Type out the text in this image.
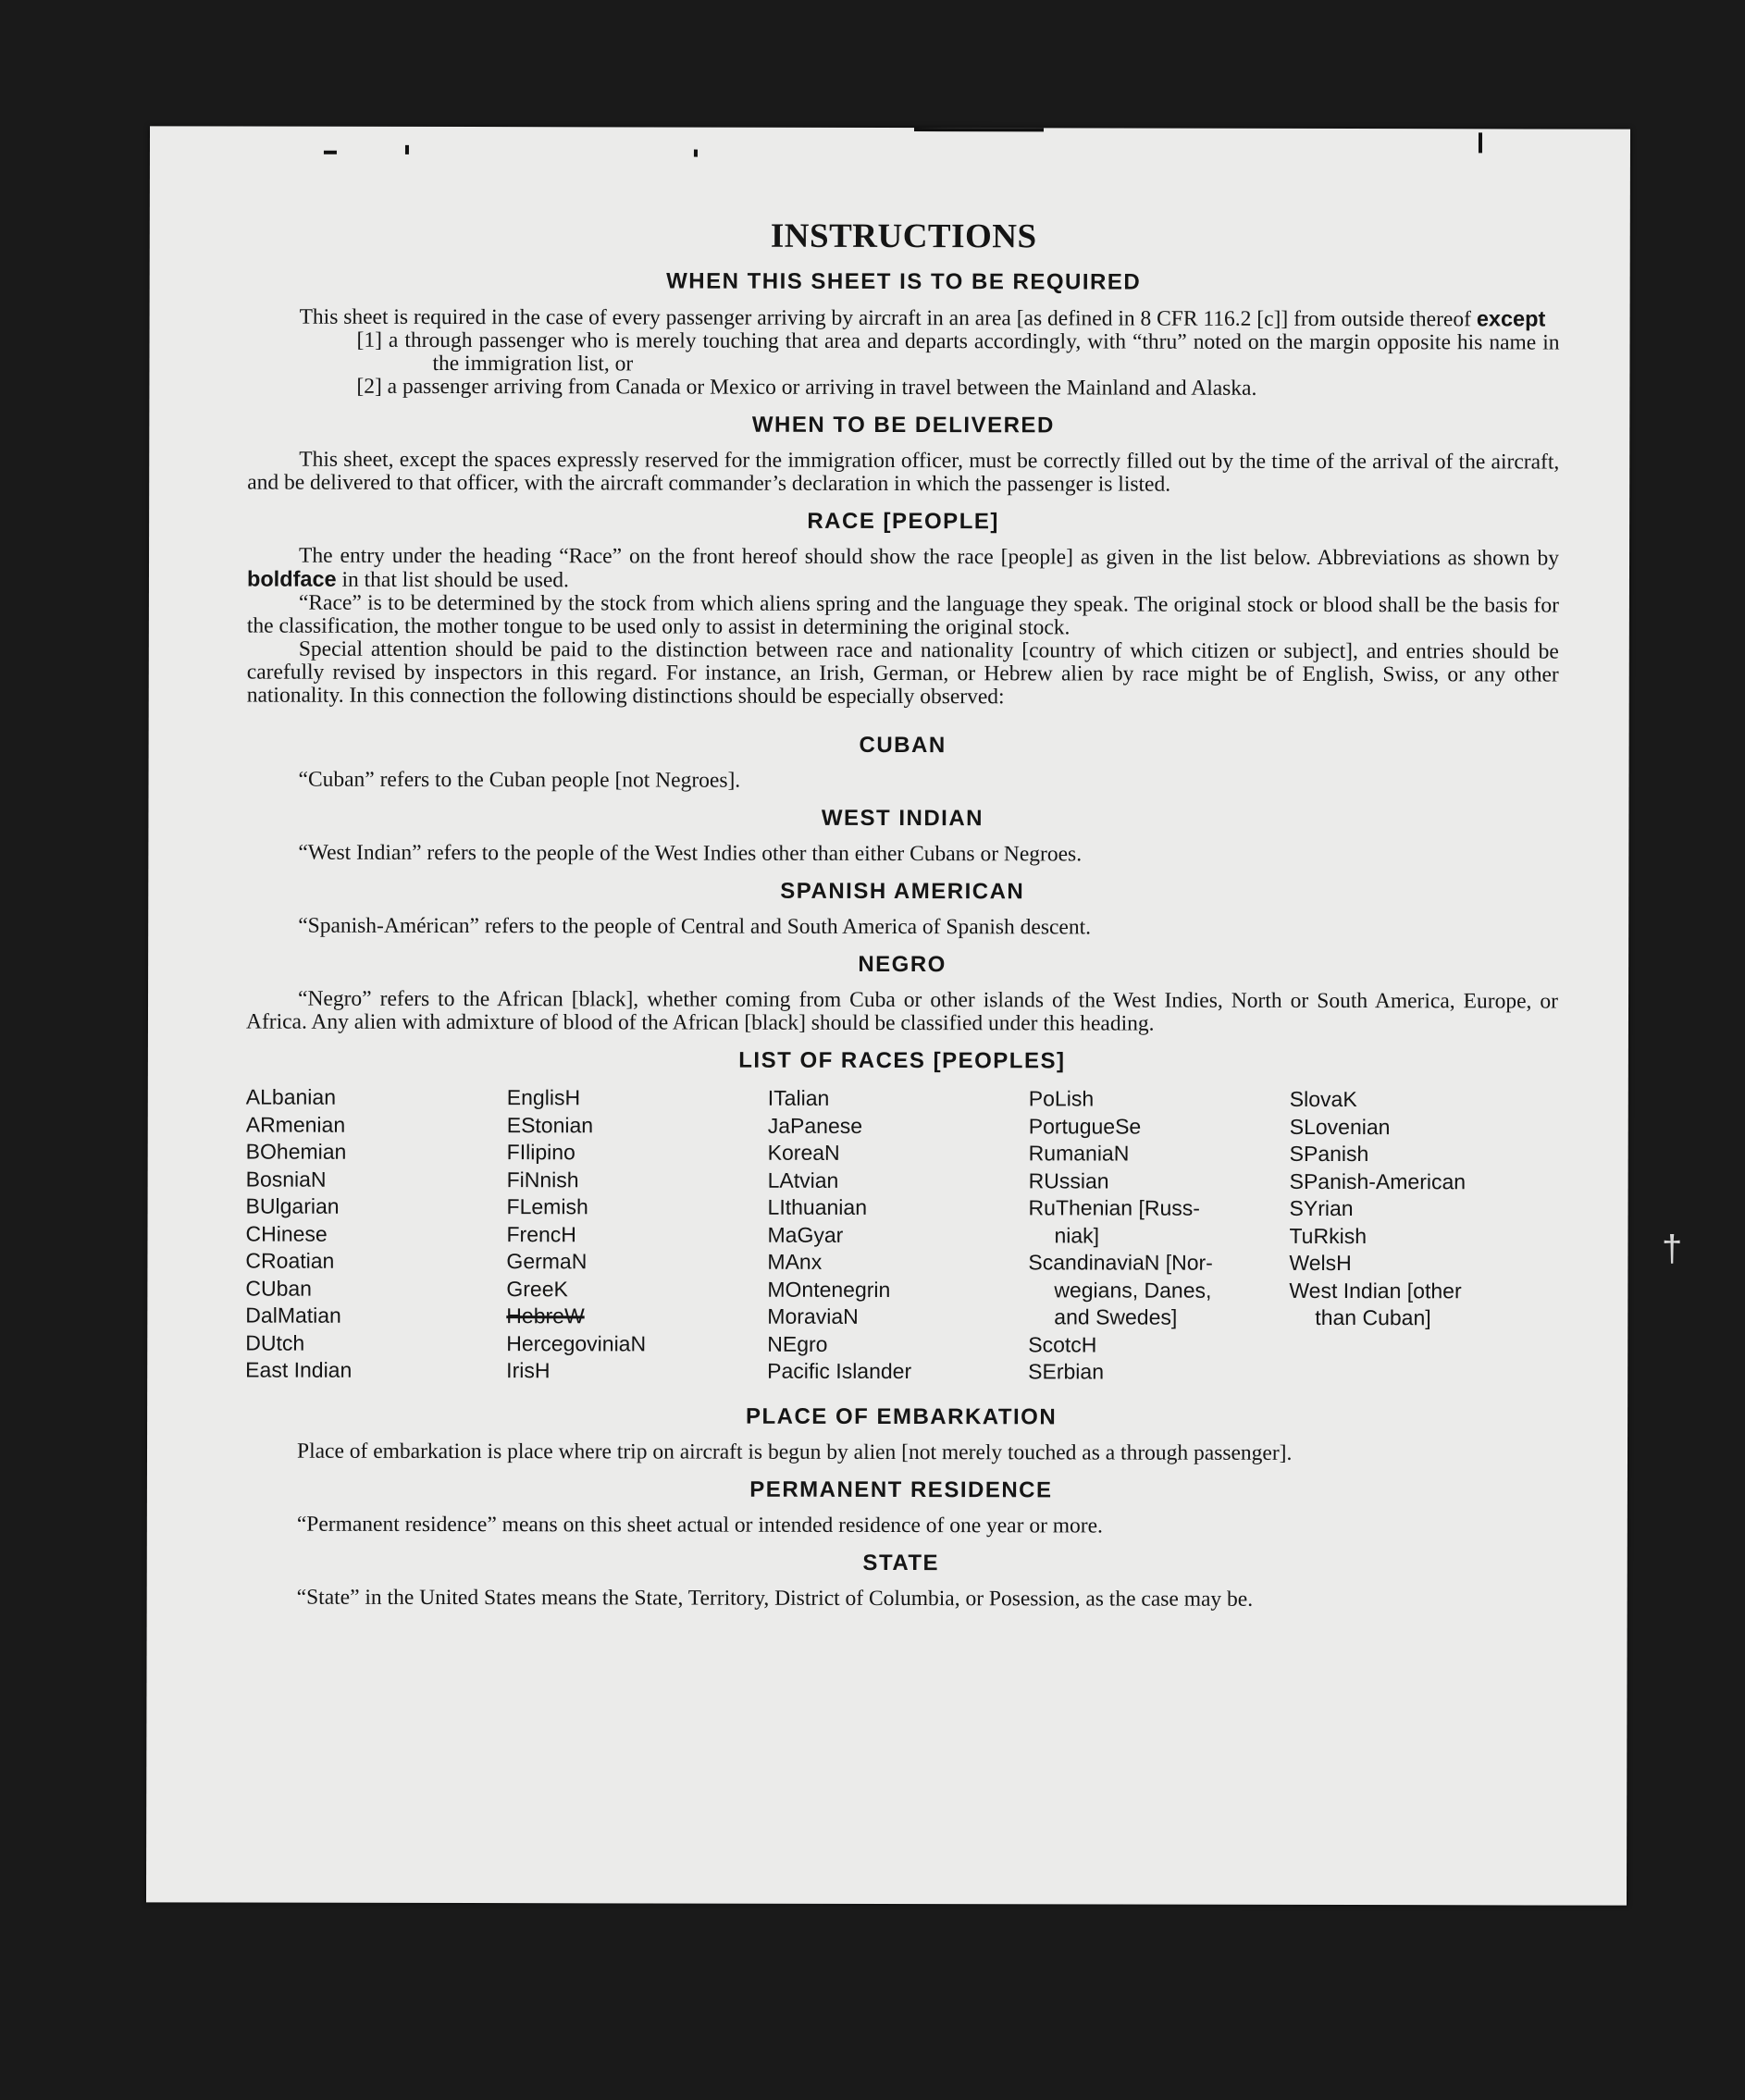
INSTRUCTIONS
WHEN THIS SHEET IS TO BE REQUIRED

This sheet is required in the case of every passenger arriving by aircraft in an area [as defined in 8 CFR 116.2 [c]] from outside thereof except

[1] a through passenger who is merely touching that area and departs accordingly, with “thru” noted on the margin opposite his name in the immigration list, or
[2] a passenger arriving from Canada or Mexico or arriving in travel between the Mainland and Alaska.
WHEN TO BE DELIVERED

This sheet, except the spaces expressly reserved for the immigration officer, must be correctly filled out by the time of the arrival of the aircraft, and be delivered to that officer, with the aircraft commander’s declaration in which the passenger is listed.

RACE [PEOPLE]

The entry under the heading “Race” on the front hereof should show the race [people] as given in the list below. Abbreviations as shown by boldface in that list should be used.

“Race” is to be determined by the stock from which aliens spring and the language they speak. The original stock or blood shall be the basis for the classification, the mother tongue to be used only to assist in determining the original stock.

Special attention should be paid to the distinction between race and nationality [country of which citizen or subject], and entries should be carefully revised by inspectors in this regard. For instance, an Irish, German, or Hebrew alien by race might be of English, Swiss, or any other nationality. In this connection the following distinctions should be especially observed:

CUBAN

“Cuban” refers to the Cuban people [not Negroes].

WEST INDIAN

“West Indian” refers to the people of the West Indies other than either Cubans or Negroes.

SPANISH AMERICAN

“Spanish-Américan” refers to the people of Central and South America of Spanish descent.

NEGRO

“Negro” refers to the African [black], whether coming from Cuba or other islands of the West Indies, North or South America, Europe, or Africa. Any alien with admixture of blood of the African [black] should be classified under this heading.

LIST OF RACES [PEOPLES]
ALbanian
ARmenian
BOhemian
BosniaN
BUlgarian
CHinese
CRoatian
CUban
DalMatian
DUtch
East Indian
EnglisH
EStonian
FIlipino
FiNnish
FLemish
FrencH
GermaN
GreeK
HebreW
HercegoviniaN
IrisH
ITalian
JaPanese
KoreaN
LAtvian
LIthuanian
MaGyar
MAnx
MOntenegrin
MoraviaN
NEgro
Pacific Islander
PoLish
PortugueSe
RumaniaN
RUssian
RuThenian [Russ-
niak]
ScandinaviaN [Nor-
wegians, Danes,
and Swedes]
ScotcH
SErbian
SlovaK
SLovenian
SPanish
SPanish-American
SYrian
TuRkish
WelsH
West Indian [other
than Cuban]
PLACE OF EMBARKATION

Place of embarkation is place where trip on aircraft is begun by alien [not merely touched as a through passenger].

PERMANENT RESIDENCE

“Permanent residence” means on this sheet actual or intended residence of one year or more.

STATE

“State” in the United States means the State, Territory, District of Columbia, or Posession, as the case may be.

†
